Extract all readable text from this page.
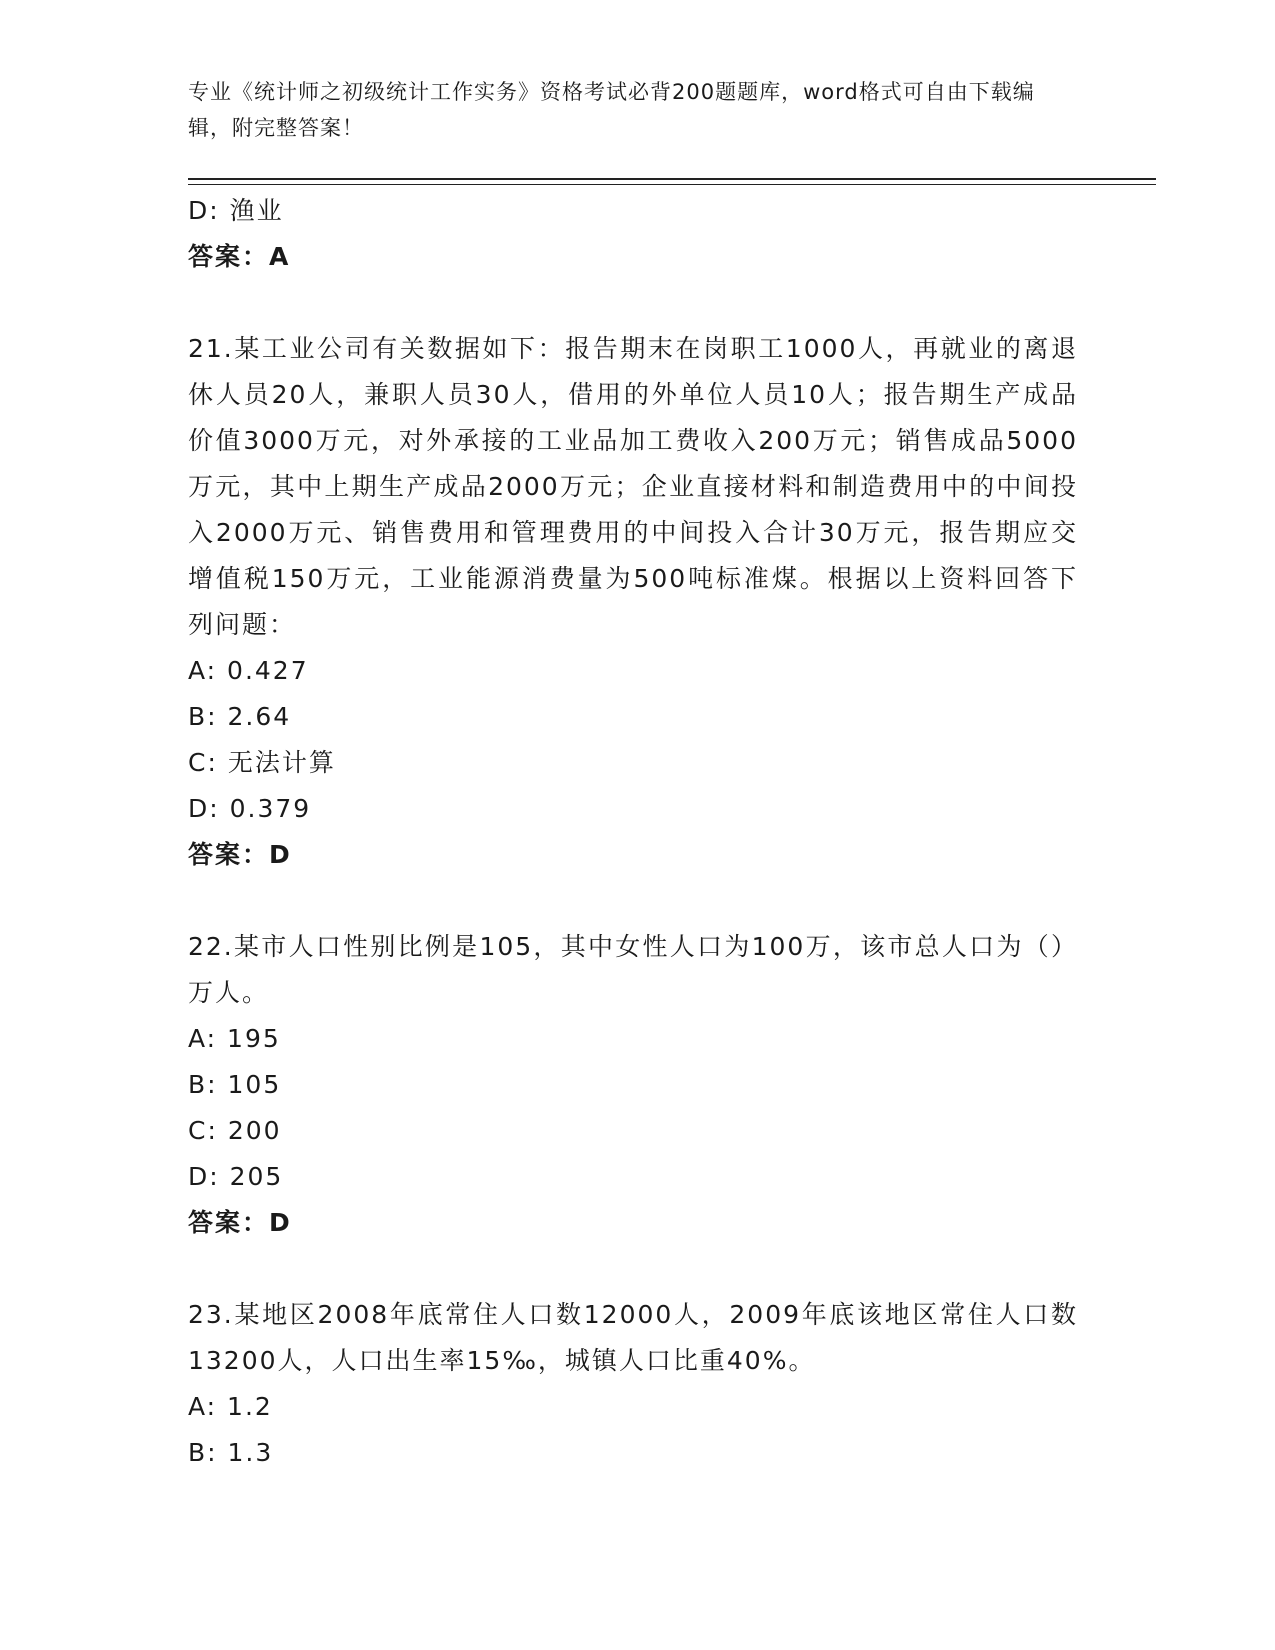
专业《统计师之初级统计工作实务》资格考试必背200题题库，word格式可自由下载编辑，附完整答案！
D: 渔业
答案：A
21.某工业公司有关数据如下：报告期末在岗职工1000人，再就业的离退休人员20人，兼职人员30人，借用的外单位人员10人；报告期生产成品价值3000万元，对外承接的工业品加工费收入200万元；销售成品5000万元，其中上期生产成品2000万元；企业直接材料和制造费用中的中间投入2000万元、销售费用和管理费用的中间投入合计30万元，报告期应交增值税150万元，工业能源消费量为500吨标准煤。根据以上资料回答下列问题：
A: 0.427
B: 2.64
C: 无法计算
D: 0.379
答案：D
22.某市人口性别比例是105，其中女性人口为100万，该市总人口为（）万人。
A: 195
B: 105
C: 200
D: 205
答案：D
23.某地区2008年底常住人口数12000人，2009年底该地区常住人口数13200人，人口出生率15‰，城镇人口比重40%。
A: 1.2
B: 1.3
